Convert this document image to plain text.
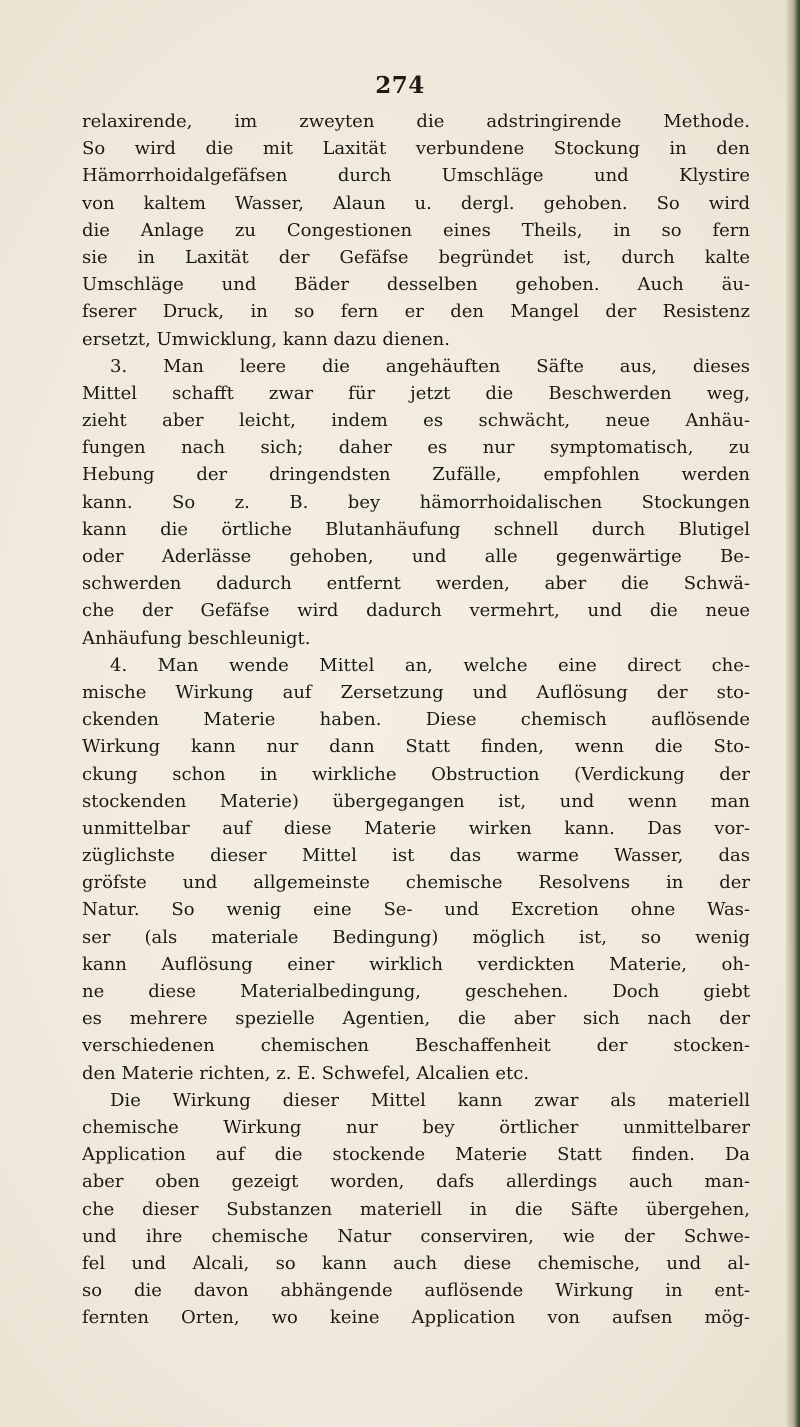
274
relaxirende, im zweyten die adstringirende Methode.
So wird die mit Laxität verbundene Stockung in den
Hämorrhoidalgefäfsen durch Umschläge und Klystire
von kaltem Wasser, Alaun u. dergl. gehoben. So wird
die Anlage zu Congestionen eines Theils, in so fern
sie in Laxität der Gefäfse begründet ist, durch kalte
Umschläge und Bäder desselben gehoben. Auch äu-
fserer Druck, in so fern er den Mangel der Resistenz
ersetzt, Umwicklung, kann dazu dienen.
3. Man leere die angehäuften Säfte aus, dieses
Mittel schafft zwar für jetzt die Beschwerden weg,
zieht aber leicht, indem es schwächt, neue Anhäu-
fungen nach sich; daher es nur symptomatisch, zu
Hebung der dringendsten Zufälle, empfohlen werden
kann. So z. B. bey hämorrhoidalischen Stockungen
kann die örtliche Blutanhäufung schnell durch Blutigel
oder Aderlässe gehoben, und alle gegenwärtige Be-
schwerden dadurch entfernt werden, aber die Schwä-
che der Gefäfse wird dadurch vermehrt, und die neue
Anhäufung beschleunigt.
4. Man wende Mittel an, welche eine direct che-
mische Wirkung auf Zersetzung und Auflösung der sto-
ckenden Materie haben. Diese chemisch auflösende
Wirkung kann nur dann Statt finden, wenn die Sto-
ckung schon in wirkliche Obstruction (Verdickung der
stockenden Materie) übergegangen ist, und wenn man
unmittelbar auf diese Materie wirken kann. Das vor-
züglichste dieser Mittel ist das warme Wasser, das
gröfste und allgemeinste chemische Resolvens in der
Natur. So wenig eine Se- und Excretion ohne Was-
ser (als materiale Bedingung) möglich ist, so wenig
kann Auflösung einer wirklich verdickten Materie, oh-
ne diese Materialbedingung, geschehen. Doch giebt
es mehrere spezielle Agentien, die aber sich nach der
verschiedenen chemischen Beschaffenheit der stocken-
den Materie richten, z. E. Schwefel, Alcalien etc.
Die Wirkung dieser Mittel kann zwar als materiell
chemische Wirkung nur bey örtlicher unmittelbarer
Application auf die stockende Materie Statt finden. Da
aber oben gezeigt worden, dafs allerdings auch man-
che dieser Substanzen materiell in die Säfte übergehen,
und ihre chemische Natur conserviren, wie der Schwe-
fel und Alcali, so kann auch diese chemische, und al-
so die davon abhängende auflösende Wirkung in ent-
fernten Orten, wo keine Application von aufsen mög-
